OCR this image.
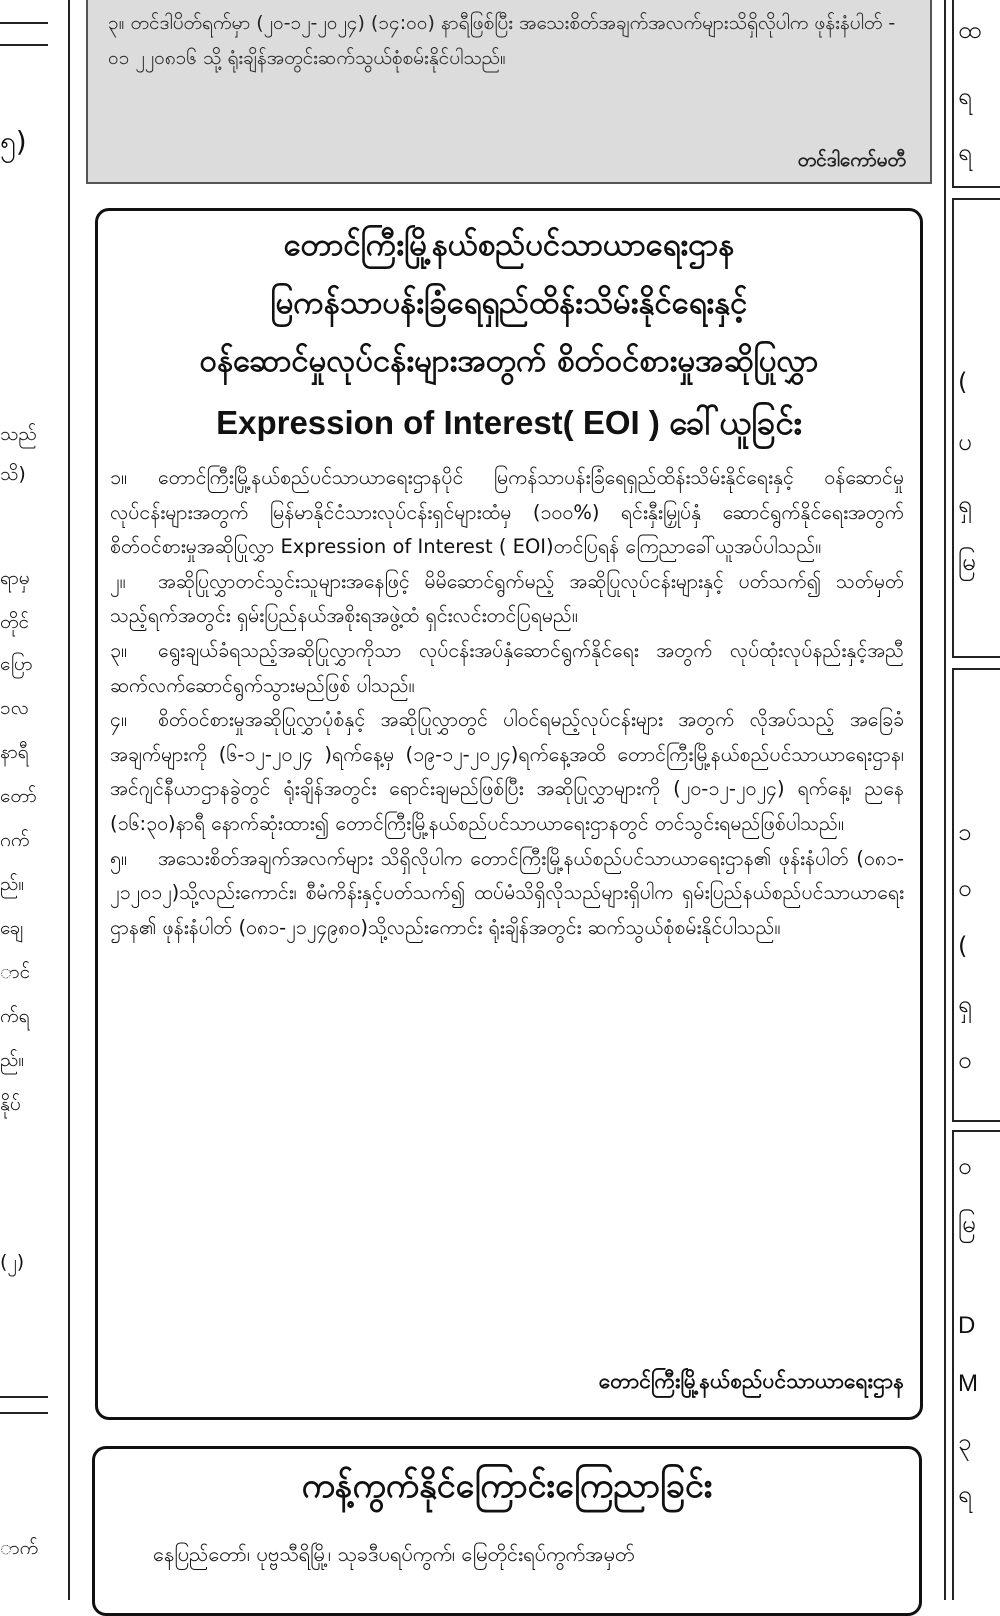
၅)
သည်
သိ)
ရာမှ
တိုင်
ပြော
၁လ
နာရီ
တော်
ဂက်
ည်။
ချေ
ာင်
က်ရ
ည်။
နိုပ်
(၂)
ာက်
ထ
ရ
ရ
(
ပ
ရှ
မြ
၁
ဝ
(
ရှ
ဝ
ဝ
မြ
D
M
၃
ရ
၃။ တင်ဒါပိတ်ရက်မှာ (၂၀-၁၂-၂၀၂၄) (၁၄:၀၀) နာရီဖြစ်ပြီး အသေးစိတ်အချက်အလက်များသိရှိလိုပါက ဖုန်းနံပါတ် - ၀၁ ၂၂၀၈၁၆ သို့ ရုံးချိန်အတွင်းဆက်သွယ်စုံစမ်းနိုင်ပါသည်။
တင်ဒါကော်မတီ
တောင်ကြီးမြို့နယ်စည်ပင်သာယာရေးဌာန
မြကန်သာပန်းခြံရေရှည်ထိန်းသိမ်းနိုင်ရေးနှင့်
ဝန်ဆောင်မှုလုပ်ငန်းများအတွက် စိတ်ဝင်စားမှုအဆိုပြုလွှာ
Expression of Interest( EOI ) ခေါ်ယူခြင်း

၁။ တောင်ကြီးမြို့နယ်စည်ပင်သာယာရေးဌာနပိုင် မြကန်သာပန်းခြံရေရှည်ထိန်းသိမ်းနိုင်ရေးနှင့် ဝန်ဆောင်မှုလုပ်ငန်းများအတွက် မြန်မာနိုင်ငံသားလုပ်ငန်းရှင်များထံမှ (၁၀၀%) ရင်းနှီးမြှုပ်နှံ ဆောင်ရွက်နိုင်ရေးအတွက် စိတ်ဝင်စားမှုအဆိုပြုလွှာ Expression of Interest ( EOI)တင်ပြရန် ကြေညာခေါ်ယူအပ်ပါသည်။

၂။ အဆိုပြုလွှာတင်သွင်းသူများအနေဖြင့် မိမိဆောင်ရွက်မည့် အဆိုပြုလုပ်ငန်းများနှင့် ပတ်သက်၍ သတ်မှတ်သည့်ရက်အတွင်း ရှမ်းပြည်နယ်အစိုးရအဖွဲ့ထံ ရှင်းလင်းတင်ပြရမည်။

၃။ ရွေးချယ်ခံရသည့်အဆိုပြုလွှာကိုသာ လုပ်ငန်းအပ်နှံဆောင်ရွက်နိုင်ရေး အတွက် လုပ်ထုံးလုပ်နည်းနှင့်အညီ ဆက်လက်ဆောင်ရွက်သွားမည်ဖြစ် ပါသည်။

၄။ စိတ်ဝင်စားမှုအဆိုပြုလွှာပုံစံနှင့် အဆိုပြုလွှာတွင် ပါဝင်ရမည့်လုပ်ငန်းများ အတွက် လိုအပ်သည့် အခြေခံအချက်များကို (၆-၁၂-၂၀၂၄ )ရက်နေ့မှ (၁၉-၁၂-၂၀၂၄)ရက်နေ့အထိ တောင်ကြီးမြို့နယ်စည်ပင်သာယာရေးဌာန၊ အင်ဂျင်နီယာဌာနခွဲတွင် ရုံးချိန်အတွင်း ရောင်းချမည်ဖြစ်ပြီး အဆိုပြုလွှာများကို (၂၀-၁၂-၂၀၂၄) ရက်နေ့၊ ညနေ (၁၆:၃၀)နာရီ နောက်ဆုံးထား၍ တောင်ကြီးမြို့နယ်စည်ပင်သာယာရေးဌာနတွင် တင်သွင်းရမည်ဖြစ်ပါသည်။

၅။ အသေးစိတ်အချက်အလက်များ သိရှိလိုပါက တောင်ကြီးမြို့နယ်စည်ပင်သာယာရေးဌာန၏ ဖုန်းနံပါတ် (၀၈၁- ၂၁၂၀၁၂)သို့လည်းကောင်း၊ စီမံကိန်းနှင့်ပတ်သက်၍ ထပ်မံသိရှိလိုသည်များရှိပါက ရှမ်းပြည်နယ်စည်ပင်သာယာရေးဌာန၏ ဖုန်းနံပါတ် (၀၈၁-၂၁၂၄၉၈၀)သို့လည်းကောင်း ရုံးချိန်အတွင်း ဆက်သွယ်စုံစမ်းနိုင်ပါသည်။

တောင်ကြီးမြို့နယ်စည်ပင်သာယာရေးဌာန
ကန့်ကွက်နိုင်ကြောင်းကြေညာခြင်း
နေပြည်တော်၊ ပုဗ္ဗသီရိမြို့၊ သုခဒီပရပ်ကွက်၊ မြေတိုင်းရပ်ကွက်အမှတ်
